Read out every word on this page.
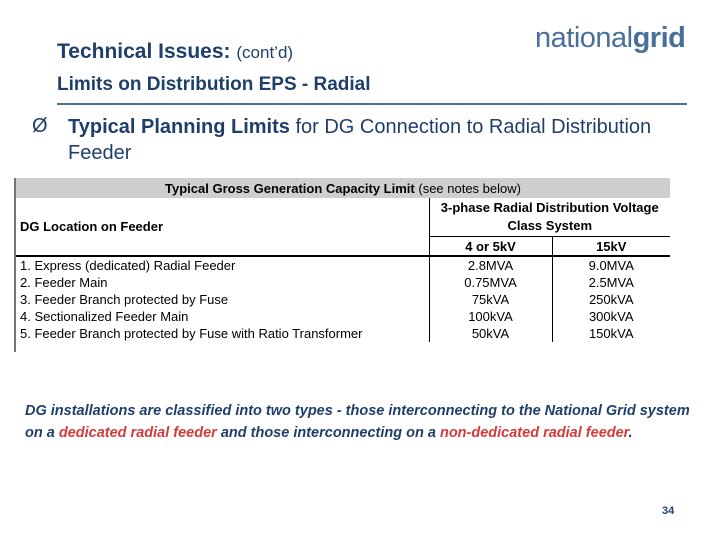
Technical Issues: (cont’d)
Limits on Distribution EPS - Radial
nationalgrid
Ø Typical Planning Limits for DG Connection to Radial Distribution Feeder
Typical Gross Generation Capacity Limit (see notes below)		
DG Location on Feeder	3-phase Radial Distribution Voltage Class System	
	4 or 5kV	15kV
1. Express (dedicated) Radial Feeder	2.8MVA	9.0MVA
2. Feeder Main	0.75MVA	2.5MVA
3. Feeder Branch protected by Fuse	75kVA	250kVA
4. Sectionalized Feeder Main	100kVA	300kVA
5. Feeder Branch protected by Fuse with Ratio Transformer	50kVA	150kVA
DG installations are classified into two types - those interconnecting to the National Grid system on a dedicated radial feeder and those interconnecting on a non-dedicated radial feeder.
34
